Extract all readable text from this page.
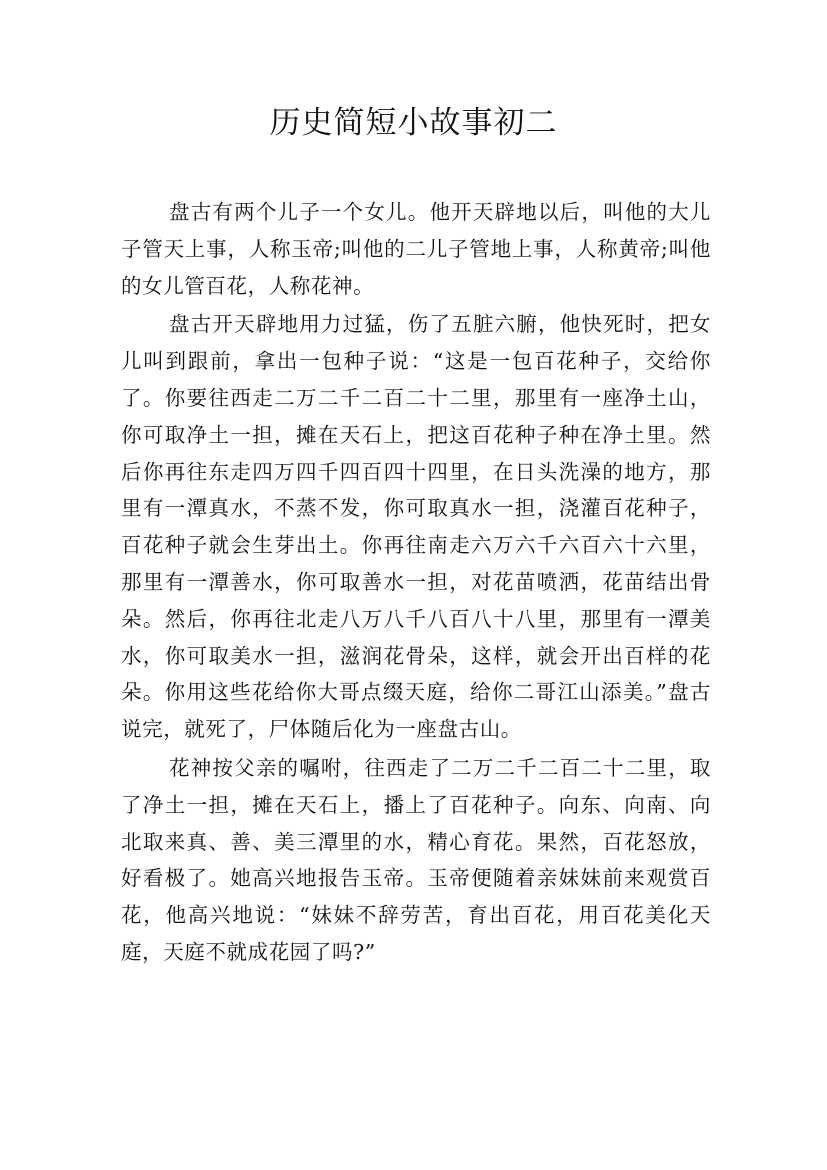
历史简短小故事初二

盘古有两个儿子一个女儿。他开天辟地以后，叫他的大儿子管天上事，人称玉帝;叫他的二儿子管地上事，人称黄帝;叫他的女儿管百花，人称花神。

盘古开天辟地用力过猛，伤了五脏六腑，他快死时，把女儿叫到跟前，拿出一包种子说：“这是一包百花种子，交给你了。你要往西走二万二千二百二十二里，那里有一座净土山，你可取净土一担，摊在天石上，把这百花种子种在净土里。然后你再往东走四万四千四百四十四里，在日头洗澡的地方，那里有一潭真水，不蒸不发，你可取真水一担，浇灌百花种子，百花种子就会生芽出土。你再往南走六万六千六百六十六里，那里有一潭善水，你可取善水一担，对花苗喷洒，花苗结出骨朵。然后，你再往北走八万八千八百八十八里，那里有一潭美水，你可取美水一担，滋润花骨朵，这样，就会开出百样的花朵。你用这些花给你大哥点缀天庭，给你二哥江山添美。”盘古说完，就死了，尸体随后化为一座盘古山。

花神按父亲的嘱咐，往西走了二万二千二百二十二里，取了净土一担，摊在天石上，播上了百花种子。向东、向南、向北取来真、善、美三潭里的水，精心育花。果然，百花怒放，好看极了。她高兴地报告玉帝。玉帝便随着亲妹妹前来观赏百花，他高兴地说：“妹妹不辞劳苦，育出百花，用百花美化天庭，天庭不就成花园了吗?”
